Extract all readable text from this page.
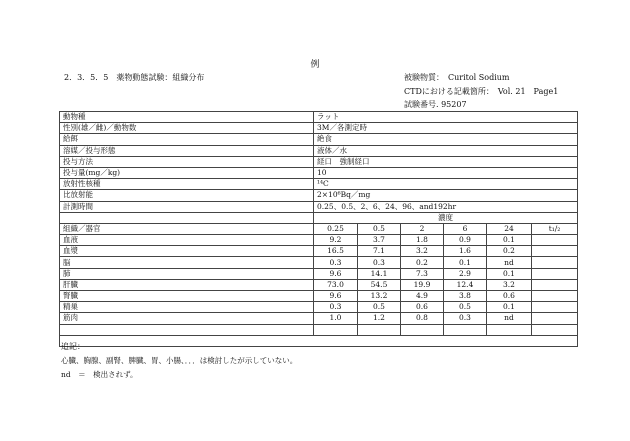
例
2．3．5．5　薬物動態試験：組織分布	被験物質：　Curitol Sodium
CTDにおける記載箇所：　Vol. 21　Page1
試験番号. 95207
動物種	ラット					
性別(雄／雌)／動物数	3M／各測定時					
給餌	絶食					
溶媒／投与形態	液体／水					
投与方法	経口　強制経口					
投与量(mg／kg)	10					
放射性核種	¹⁴C					
比放射能	2×10⁶Bq／mg					
計測時間	0.25、0.5、2、6、24、96、and192hr					
	濃度					
組織／器官	0.25	0.5	2	6	24	t₁/₂
血液	9.2	3.7	1.8	0.9	0.1	
血漿	16.5	7.1	3.2	1.6	0.2	
脳	0.3	0.3	0.2	0.1	nd	
肺	9.6	14.1	7.3	2.9	0.1	
肝臓	73.0	54.5	19.9	12.4	3.2	
腎臓	9.6	13.2	4.9	3.8	0.6	
精巣	0.3	0.5	0.6	0.5	0.1	
筋肉	1.0	1.2	0.8	0.3	nd	

追記：
心臓、胸腺、副腎、脾臓、胃、小腸、．．．は検討したが示していない。
nd　＝　検出されず。
